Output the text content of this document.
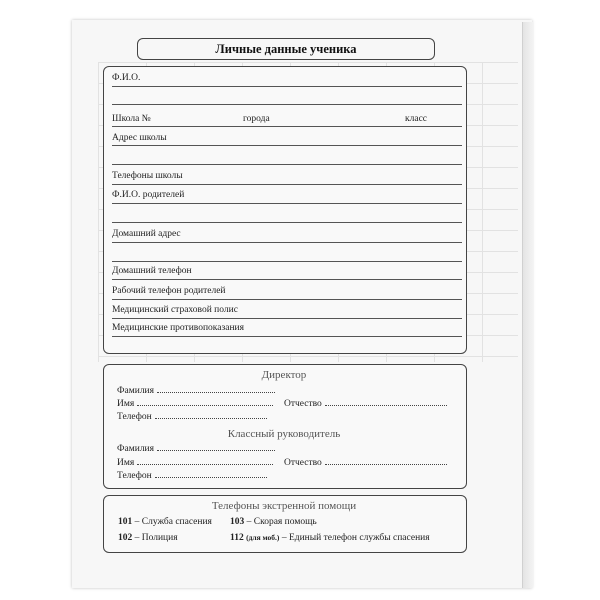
Личные данные ученика
Ф.И.О.
Школа №	города	класс
Адрес школы
Телефоны школы
Ф.И.О. родителей
Домашний адрес
Домашний телефон
Рабочий телефон родителей
Медицинский страховой полис
Медицинские противопоказания
Директор
Фамилия
Имя	Отчество
Телефон
Классный руководитель
Фамилия
Имя	Отчество
Телефон
Телефоны экстренной помощи
101 – Служба спасения 103 – Скорая помощь
102 – Полиция	112 (для моб.) – Единый телефон службы спасения
